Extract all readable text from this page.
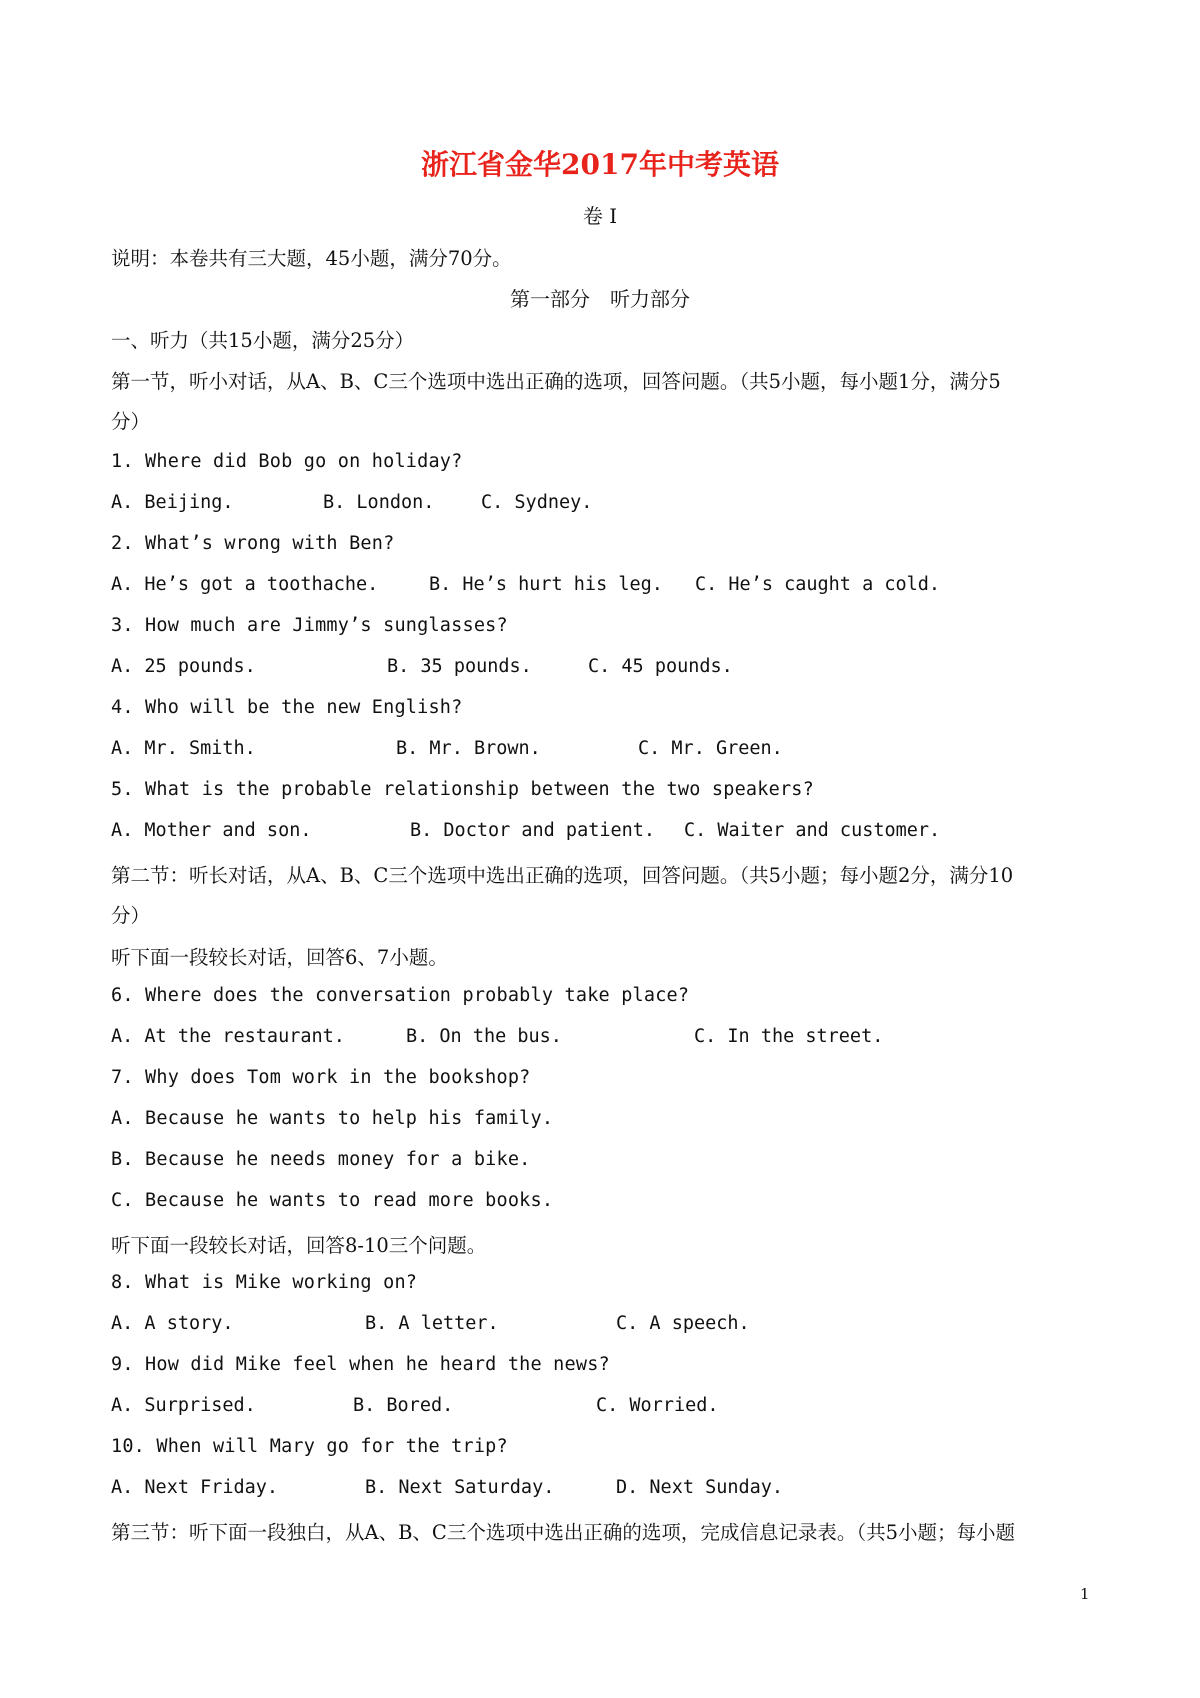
浙江省金华2017年中考英语
卷 I
说明：本卷共有三大题，45小题，满分70分。
第一部分　听力部分
一、听力（共15小题，满分25分）
第一节，听小对话，从A、B、C三个选项中选出正确的选项，回答问题。（共5小题，每小题1分，满分5
分）
1. Where did Bob go on holiday?
A. Beijing.	B. London.	C. Sydney.
2. What’s wrong with Ben?
A. He’s got a toothache.	B. He’s hurt his leg. C. He’s caught a cold.
3. How much are Jimmy’s sunglasses?
A. 25 pounds.	B. 35 pounds.	C. 45 pounds.
4. Who will be the new English?
A. Mr. Smith.	B. Mr. Brown.	C. Mr. Green.
5. What is the probable relationship between the two speakers?
A. Mother and son.	B. Doctor and patient. C. Waiter and customer.
第二节：听长对话，从A、B、C三个选项中选出正确的选项，回答问题。（共5小题；每小题2分，满分10
分）
听下面一段较长对话，回答6、7小题。
6. Where does the conversation probably take place?
A. At the restaurant.	B. On the bus.	C. In the street.
7. Why does Tom work in the bookshop?
A. Because he wants to help his family.
B. Because he needs money for a bike.
C. Because he wants to read more books.
听下面一段较长对话，回答8-10三个问题。
8. What is Mike working on?
A. A story.	B. A letter.	C. A speech.
9. How did Mike feel when he heard the news?
A. Surprised.	B. Bored.	C. Worried.
10. When will Mary go for the trip?
A. Next Friday.	B. Next Saturday.	D. Next Sunday.
第三节：听下面一段独白，从A、B、C三个选项中选出正确的选项，完成信息记录表。（共5小题；每小题
1
